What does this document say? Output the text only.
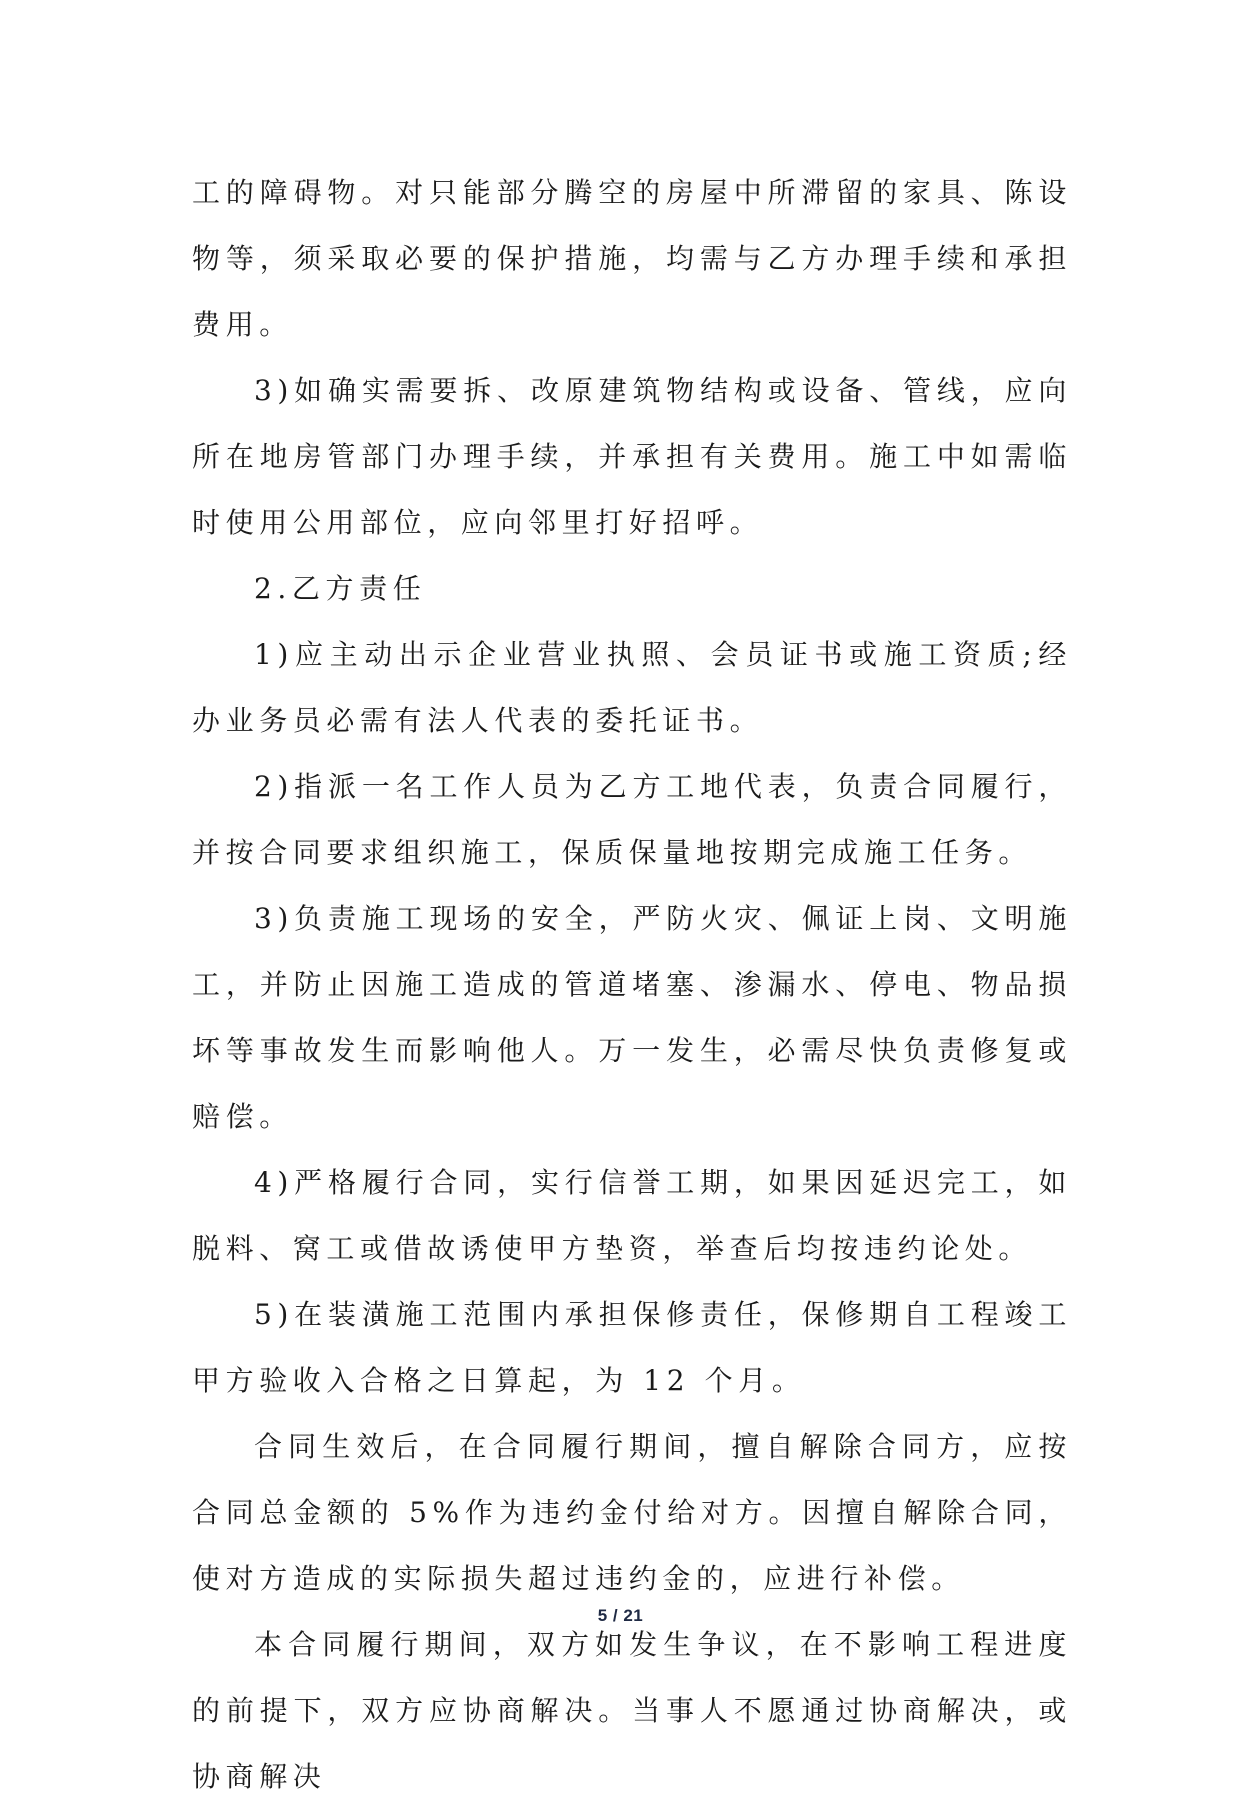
工的障碍物。对只能部分腾空的房屋中所滞留的家具、陈设物等，须采取必要的保护措施，均需与乙方办理手续和承担费用。

3)如确实需要拆、改原建筑物结构或设备、管线，应向所在地房管部门办理手续，并承担有关费用。施工中如需临时使用公用部位，应向邻里打好招呼。

2.乙方责任

1)应主动出示企业营业执照、会员证书或施工资质;经办业务员必需有法人代表的委托证书。

2)指派一名工作人员为乙方工地代表，负责合同履行，并按合同要求组织施工，保质保量地按期完成施工任务。

3)负责施工现场的安全，严防火灾、佩证上岗、文明施工，并防止因施工造成的管道堵塞、渗漏水、停电、物品损坏等事故发生而影响他人。万一发生，必需尽快负责修复或赔偿。

4)严格履行合同，实行信誉工期，如果因延迟完工，如脱料、窝工或借故诱使甲方垫资，举查后均按违约论处。

5)在装潢施工范围内承担保修责任，保修期自工程竣工甲方验收入合格之日算起，为 12 个月。

合同生效后，在合同履行期间，擅自解除合同方，应按合同总金额的 5%作为违约金付给对方。因擅自解除合同，使对方造成的实际损失超过违约金的，应进行补偿。

本合同履行期间，双方如发生争议，在不影响工程进度的前提下，双方应协商解决。当事人不愿通过协商解决，或协商解决

5 / 21
